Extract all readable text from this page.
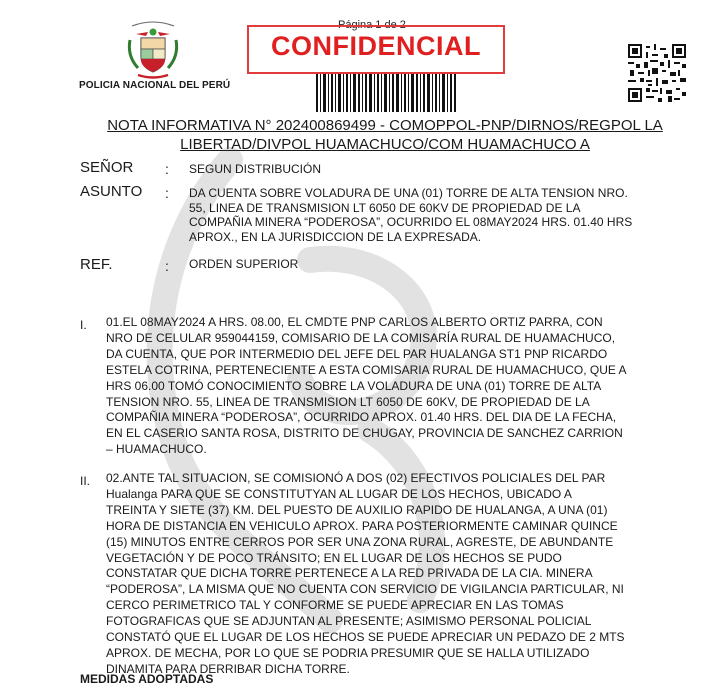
POLICIA NACIONAL DEL PERÚ
Página 1 de 2
CONFIDENCIAL
NOTA INFORMATIVA N° 202400869499 - COMOPPOL-PNP/DIRNOS/REGPOL LA
LIBERTAD/DIVPOL HUAMACHUCO/COM HUAMACHUCO A
SEÑOR : SEGUN DISTRIBUCIÓN
ASUNTO : DA CUENTA SOBRE VOLADURA DE UNA (01) TORRE DE ALTA TENSION NRO.
55, LINEA DE TRANSMISION LT 6050 DE 60KV DE PROPIEDAD DE LA
COMPAÑIA MINERA “PODEROSA”, OCURRIDO EL 08MAY2024 HRS. 01.40 HRS
APROX., EN LA JURISDICCION DE LA EXPRESADA.
REF.	: ORDEN SUPERIOR
I. 01.EL 08MAY2024 A HRS. 08.00, EL CMDTE PNP CARLOS ALBERTO ORTIZ PARRA, CON
NRO DE CELULAR 959044159, COMISARIO DE LA COMISARÍA RURAL DE HUAMACHUCO,
DA CUENTA, QUE POR INTERMEDIO DEL JEFE DEL PAR HUALANGA ST1 PNP RICARDO
ESTELA COTRINA, PERTENECIENTE A ESTA COMISARIA RURAL DE HUAMACHUCO, QUE A
HRS 06.00 TOMÓ CONOCIMIENTO SOBRE LA VOLADURA DE UNA (01) TORRE DE ALTA
TENSION NRO. 55, LINEA DE TRANSMISION LT 6050 DE 60KV, DE PROPIEDAD DE LA
COMPAÑIA MINERA “PODEROSA”, OCURRIDO APROX. 01.40 HRS. DEL DIA DE LA FECHA,
EN EL CASERIO SANTA ROSA, DISTRITO DE CHUGAY, PROVINCIA DE SANCHEZ CARRION
– HUAMACHUCO.
II. 02.ANTE TAL SITUACION, SE COMISIONÓ A DOS (02) EFECTIVOS POLICIALES DEL PAR
Hualanga PARA QUE SE CONSTITUTYAN AL LUGAR DE LOS HECHOS, UBICADO A
TREINTA Y SIETE (37) KM. DEL PUESTO DE AUXILIO RAPIDO DE HUALANGA, A UNA (01)
HORA DE DISTANCIA EN VEHICULO APROX. PARA POSTERIORMENTE CAMINAR QUINCE
(15) MINUTOS ENTRE CERROS POR SER UNA ZONA RURAL, AGRESTE, DE ABUNDANTE
VEGETACIÓN Y DE POCO TRÁNSITO; EN EL LUGAR DE LOS HECHOS SE PUDO
CONSTATAR QUE DICHA TORRE PERTENECE A LA RED PRIVADA DE LA CIA. MINERA
“PODEROSA”, LA MISMA QUE NO CUENTA CON SERVICIO DE VIGILANCIA PARTICULAR, NI
CERCO PERIMETRICO TAL Y CONFORME SE PUEDE APRECIAR EN LAS TOMAS
FOTOGRAFICAS QUE SE ADJUNTAN AL PRESENTE; ASIMISMO PERSONAL POLICIAL
CONSTATÓ QUE EL LUGAR DE LOS HECHOS SE PUEDE APRECIAR UN PEDAZO DE 2 MTS
APROX. DE MECHA, POR LO QUE SE PODRIA PRESUMIR QUE SE HALLA UTILIZADO
DINAMITA PARA DERRIBAR DICHA TORRE.
MEDIDAS ADOPTADAS
